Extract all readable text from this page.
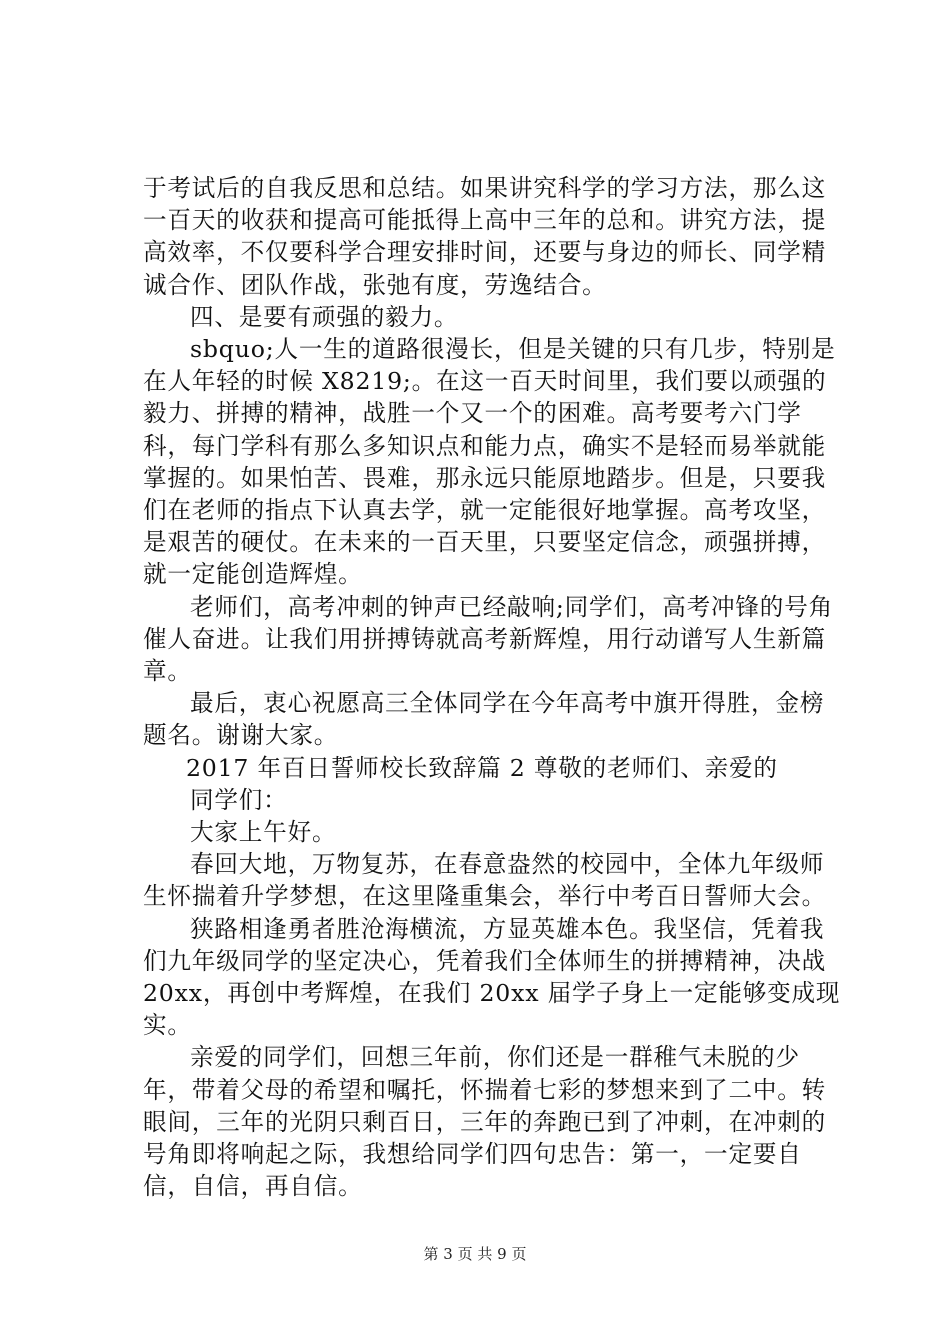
于考试后的自我反思和总结。如果讲究科学的学习方法，那么这一百天的收获和提高可能抵得上高中三年的总和。讲究方法，提高效率，不仅要科学合理安排时间，还要与身边的师长、同学精诚合作、团队作战，张弛有度，劳逸结合。

四、是要有顽强的毅力。

sbquo;人一生的道路很漫长，但是关键的只有几步，特别是在人年轻的时候 X8219;。在这一百天时间里，我们要以顽强的毅力、拼搏的精神，战胜一个又一个的困难。高考要考六门学科，每门学科有那么多知识点和能力点，确实不是轻而易举就能掌握的。如果怕苦、畏难，那永远只能原地踏步。但是，只要我们在老师的指点下认真去学，就一定能很好地掌握。高考攻坚，是艰苦的硬仗。在未来的一百天里，只要坚定信念，顽强拼搏，就一定能创造辉煌。

老师们，高考冲刺的钟声已经敲响;同学们，高考冲锋的号角催人奋进。让我们用拼搏铸就高考新辉煌，用行动谱写人生新篇章。

最后，衷心祝愿高三全体同学在今年高考中旗开得胜，金榜题名。谢谢大家。

2017 年百日誓师校长致辞篇 2 尊敬的老师们、亲爱的

同学们：

大家上午好。

春回大地，万物复苏，在春意盎然的校园中，全体九年级师生怀揣着升学梦想，在这里隆重集会，举行中考百日誓师大会。

狭路相逢勇者胜沧海横流，方显英雄本色。我坚信，凭着我们九年级同学的坚定决心，凭着我们全体师生的拼搏精神，决战 20xx，再创中考辉煌，在我们 20xx 届学子身上一定能够变成现实。

亲爱的同学们，回想三年前，你们还是一群稚气未脱的少年，带着父母的希望和嘱托，怀揣着七彩的梦想来到了二中。转眼间，三年的光阴只剩百日，三年的奔跑已到了冲刺，在冲刺的号角即将响起之际，我想给同学们四句忠告：第一，一定要自信，自信，再自信。

第 3 页 共 9 页
